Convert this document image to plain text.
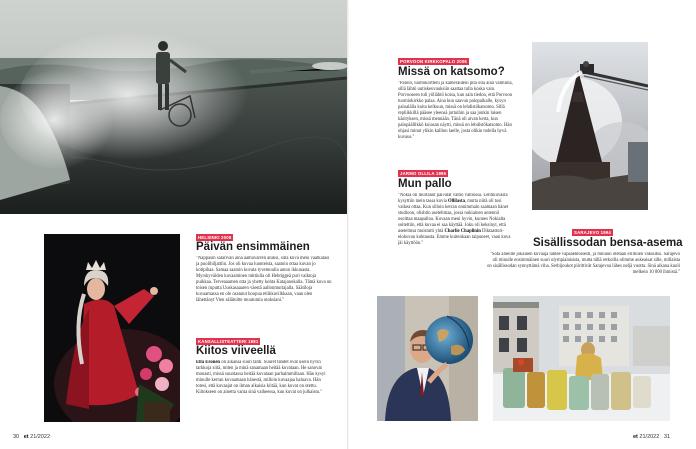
HELSINKI 2008
Päivän ensimmäinen
"Nappasin sälärivan aina aamuvarren aluksi, sillä kuva meni vaatkalasi ja puolihiljattiin. Jos oli kuvaa luonteista, saatoin ottaa kuvan jo kotipihaa. Samaa saatoin kuvata tyvemuulla auton ikkunasta. Myrskyväiden kuvaaminen mittiulla oli Hebriggeä puri vaiktoja puikkaa. Terveaaamen otta ja yhetty kohta Katajanokalla. Tämä kuva on toisen ruputta Uuskasaaaren väestä aallonmurtajalla. Säätiloja kuvaamassa en ole osannut hoopua etiikkavilkkaan, vaan olen lähettänyt Vien sälätuitte muutumia otoksiani."
KANSALLISTEATTERI 1981
Kiitos viiveellä
Ella Eronen oli aikansa suuri tähti. Suuret tähdet ovat usein hyvin tarkkoja siitä, miten ja minä sanamaan heitää kuvataan. He sanovat monasti, missä suuntassa heitää kuvataan parhaimmillaan. Hän kysyi minulle kerran kuvaamaan hänestä, milloin kuvaajaa haluava. Hän totesi, että kuvaajat on ilman aikaisia kiitää, kun kuvat on otettu. Kiitokseen on ainetta vanta sinä vaiheessa, kun kuvat on julkaistu."
30 et 21/2022
PORVOON KIRKKOPALO 2006
Missä on katsomo?
"Paloin, luottokortteni ja kameraideni pitä ollä aina valmiina, sillä lähtö uutiskeuvauksiin saattaa tulla koska vain. Porvooseen tuli yöllähtö koisa, kun sain tiedon, että Porvoon tuomiokirkko palaa. Aina kun saavun palopaikalle, kysyn paloalälla koita kelkuun, missä on lehdistökatsomo. Sillä repliikkillä pääsee yleensä juttuihin ja saa jonkin laisen käsityksen, missä mennään. Tänä oli aivan kerta, kun palopäällikkö kuiasan näytti, missä on lehdistökatsomo. Hän ohjasi minut ylikin kallion laelle, josta olikin todella hyvä kuvaus."
JARMO OLLILA 1995
Mun pallo
"Nokia oli murtanut päivälät valtio valtiossa. Lehtikuvasta kysyttiin mein tassa kuvia Ollilasta, mutta niitä oli tosi vaikea ottaa. Kun silloin kerran onnimmain saamaan hänet studioon, olishtin aseteltmaa, jossa nokiainen antennii osoittaa maapalloa. Kuvaan meni hyvin, kunnes Nokialta soitettiin, että kuvaa ei saa käyttää. Joku oli keksinyt, että asetelmsa muistutti yhtä Charlie Chaplinin Diktaattori-elokuvan kohtausta. Emme kuitenkaan taipuneet, vaan kuva jäi käyttöön."
SARAJEVO 1994
Sisällissodan bensa-asema
"Sota alueille jokainen kuvaaja lähtee vapaaehtoisesti, ja minuun otetaan erillinen vakuutus. Sarajevo oli minulle ensimmäinen suuri olympialaisista, mutta tällä retkoilla olimme aukeaisat sille, millaista on sisällissodan synnyttämä viha. Serbijoukot piirittivät Sarajevoa lähes neljä vuotta. Sinä aikana kuoli melkein 10 000 ihmistä."
et 21/2022 31
